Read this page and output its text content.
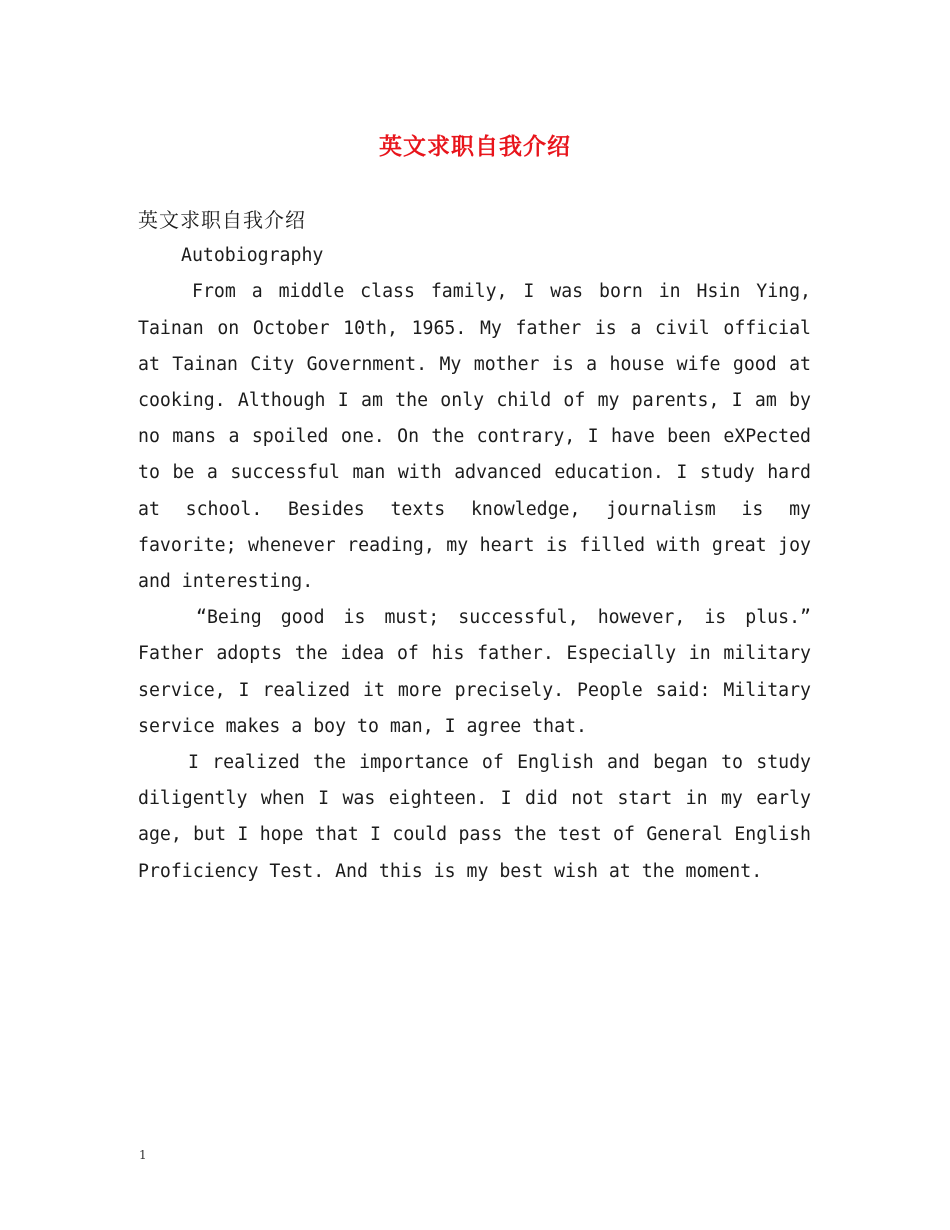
英文求职自我介绍

英文求职自我介绍

Autobiography

From a middle class family, I was born in Hsin Ying, Tainan on October 10th, 1965. My father is a civil official at Tainan City Government. My mother is a house wife good at cooking. Although I am the only child of my parents, I am by no mans a spoiled one. On the contrary, I have been eXPected to be a successful man with advanced education. I study hard at school. Besides texts knowledge, journalism is my favorite; whenever reading, my heart is filled with great joy and interesting.

“Being good is must; successful, however, is plus.” Father adopts the idea of his father. Especially in military service, I realized it more precisely. People said: Military service makes a boy to man, I agree that.

I realized the importance of English and began to study diligently when I was eighteen. I did not start in my early age, but I hope that I could pass the test of General English Proficiency Test. And this is my best wish at the moment.

1
